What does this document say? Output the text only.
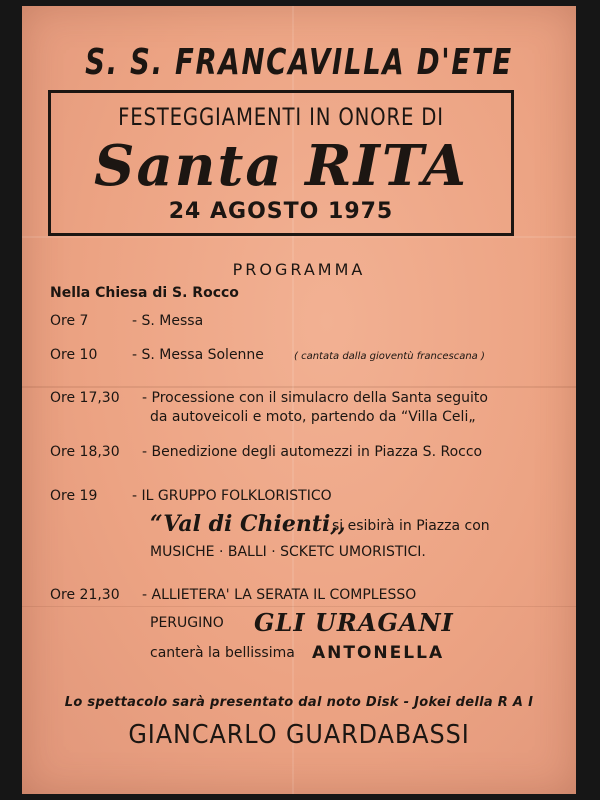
S. S. FRANCAVILLA D'ETE
FESTEGGIAMENTI IN ONORE DI
Santa RITA
24 AGOSTO 1975
PROGRAMMA
Nella Chiesa di S. Rocco
Ore 7	- S. Messa
Ore 10 - S. Messa Solenne	( cantata dalla gioventù francescana )
Ore 17,30 - Processione con il simulacro della Santa seguito
da autoveicoli e moto, partendo da “Villa Celi„
Ore 18,30 - Benedizione degli automezzi in Piazza S. Rocco
Ore 19 - IL GRUPPO FOLKLORISTICO
“Val di Chienti,,
si esibirà in Piazza con
MUSICHE · BALLI · SCKETC UMORISTICI.
Ore 21,30 - ALLIETERA' LA SERATA IL COMPLESSO
PERUGINO GLI URAGANI
canterà la bellissima ANTONELLA
Lo spettacolo sarà presentato dal noto Disk - Jokei della R A I
GIANCARLO GUARDABASSI
